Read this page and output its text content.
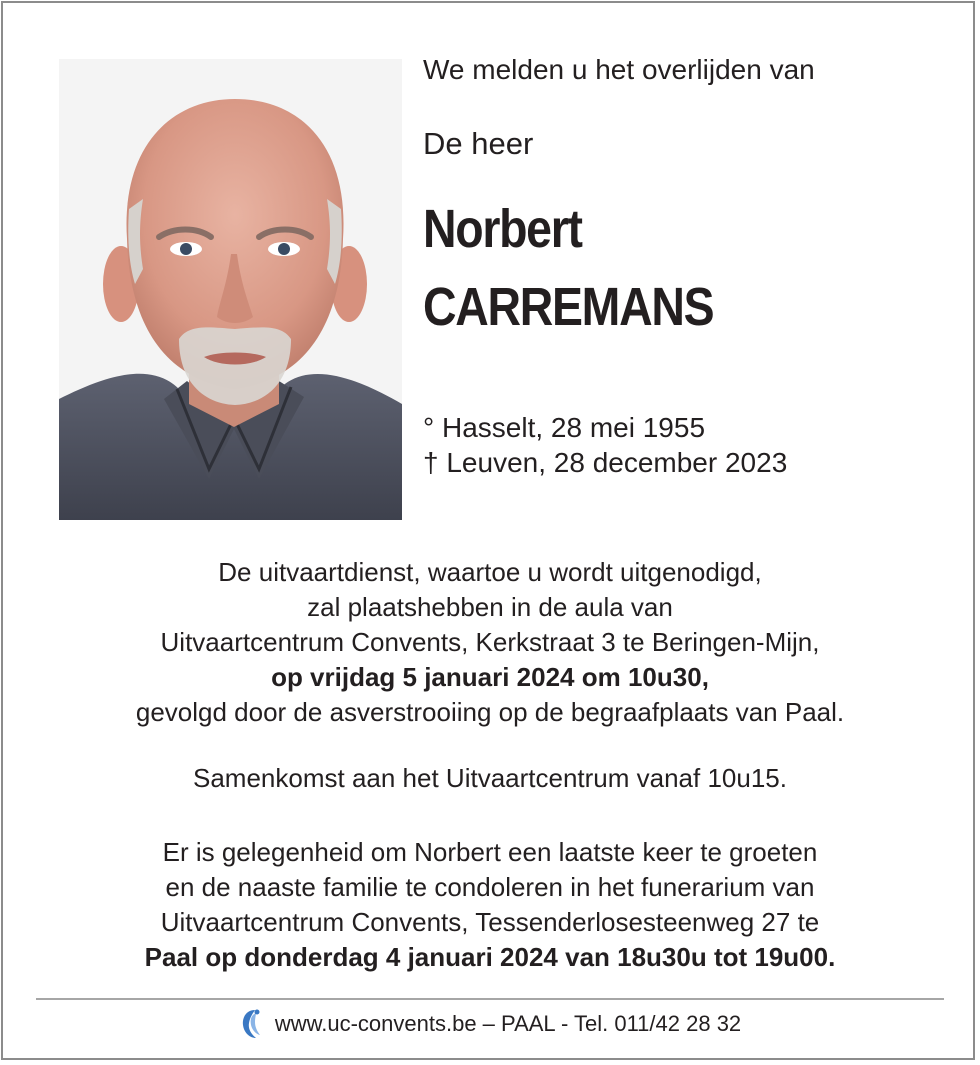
We melden u het overlijden van
De heer
Norbert
CARREMANS
° Hasselt, 28 mei 1955
† Leuven, 28 december 2023
De uitvaartdienst, waartoe u wordt uitgenodigd,
zal plaatshebben in de aula van
Uitvaartcentrum Convents, Kerkstraat 3 te Beringen-Mijn,
op vrijdag 5 januari 2024 om 10u30,
gevolgd door de asverstrooiing op de begraafplaats van Paal.
Samenkomst aan het Uitvaartcentrum vanaf 10u15.
Er is gelegenheid om Norbert een laatste keer te groeten
en de naaste familie te condoleren in het funerarium van
Uitvaartcentrum Convents, Tessenderlosesteenweg 27 te
Paal op donderdag 4 januari 2024 van 18u30u tot 19u00.
www.uc-convents.be – PAAL - Tel. 011/42 28 32
